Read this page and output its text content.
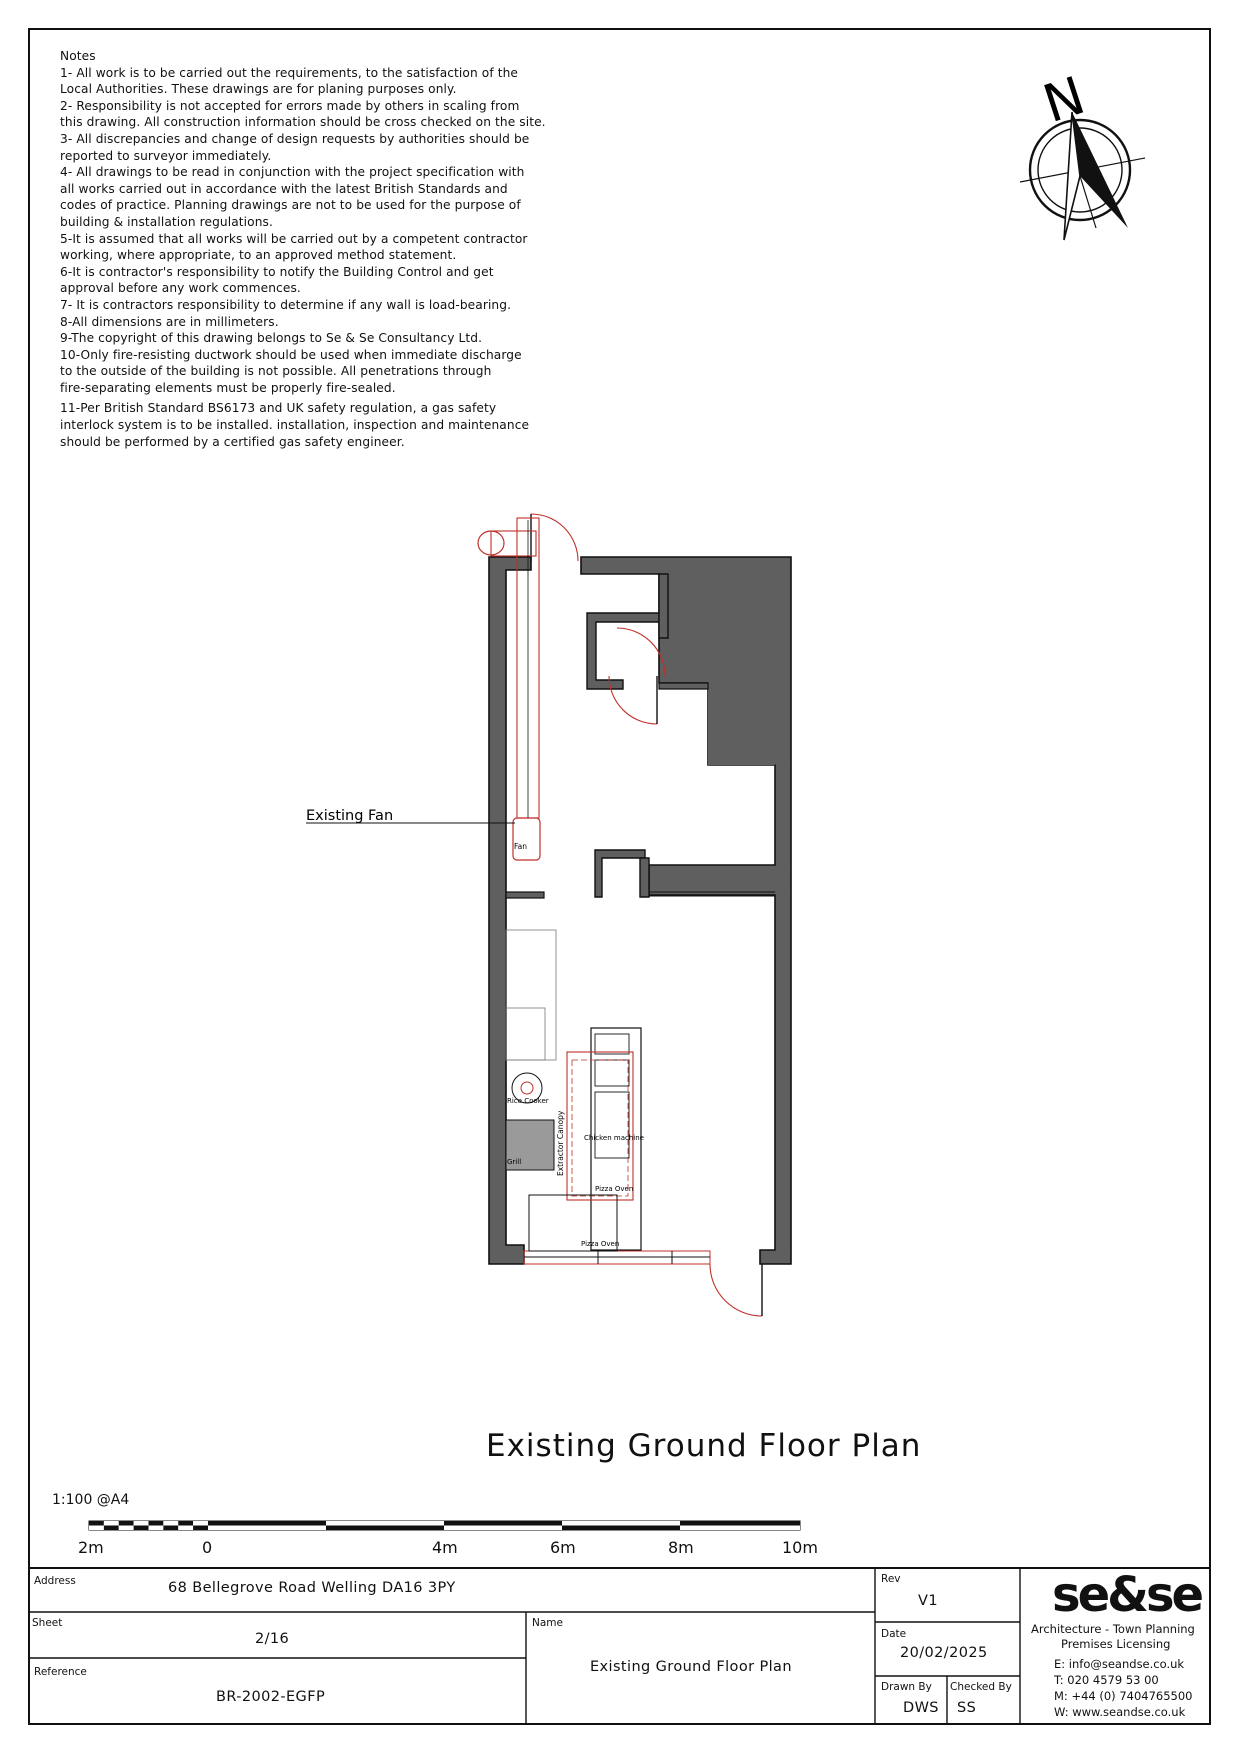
Notes
1- All work is to be carried out the requirements, to the satisfaction of the
Local Authorities. These drawings are for planing purposes only.
2- Responsibility is not accepted for errors made by others in scaling from
this drawing. All construction information should be cross checked on the site.
3- All discrepancies and change of design requests by authorities should be
reported to surveyor immediately.
4- All drawings to be read in conjunction with the project specification with
all works carried out in accordance with the latest British Standards and
codes of practice. Planning drawings are not to be used for the purpose of
building & installation regulations.
5-It is assumed that all works will be carried out by a competent contractor
working, where appropriate, to an approved method statement.
6-It is contractor's responsibility to notify the Building Control and get
approval before any work commences.
7- It is contractors responsibility to determine if any wall is load-bearing.
8-All dimensions are in millimeters.
9-The copyright of this drawing belongs to Se & Se Consultancy Ltd.
10-Only fire-resisting ductwork should be used when immediate discharge
to the outside of the building is not possible. All penetrations through
fire-separating elements must be properly fire-sealed.
11-Per British Standard BS6173 and UK safety regulation, a gas safety
interlock system is to be installed. installation, inspection and maintenance
should be performed by a certified gas safety engineer.
N
Fan
Existing Fan
Rice Cooker
Grill
Chicken machine
Pizza Oven
Extractor Canopy
Pizza Oven
Existing Ground Floor Plan
1:100 @A4
2m	0	4m	6m	8m	10m
Address	68 Bellegrove Road Welling DA16 3PY
Sheet
2/16
Reference
BR-2002-EGFP
Name
Existing Ground Floor Plan
Rev
V1
Date
20/02/2025
Drawn By
DWS
Checked By
SS
se&se
Architecture - Town Planning
Premises Licensing
E: info@seandse.co.uk
T: 020 4579 53 00
M: +44 (0) 7404765500
W: www.seandse.co.uk
